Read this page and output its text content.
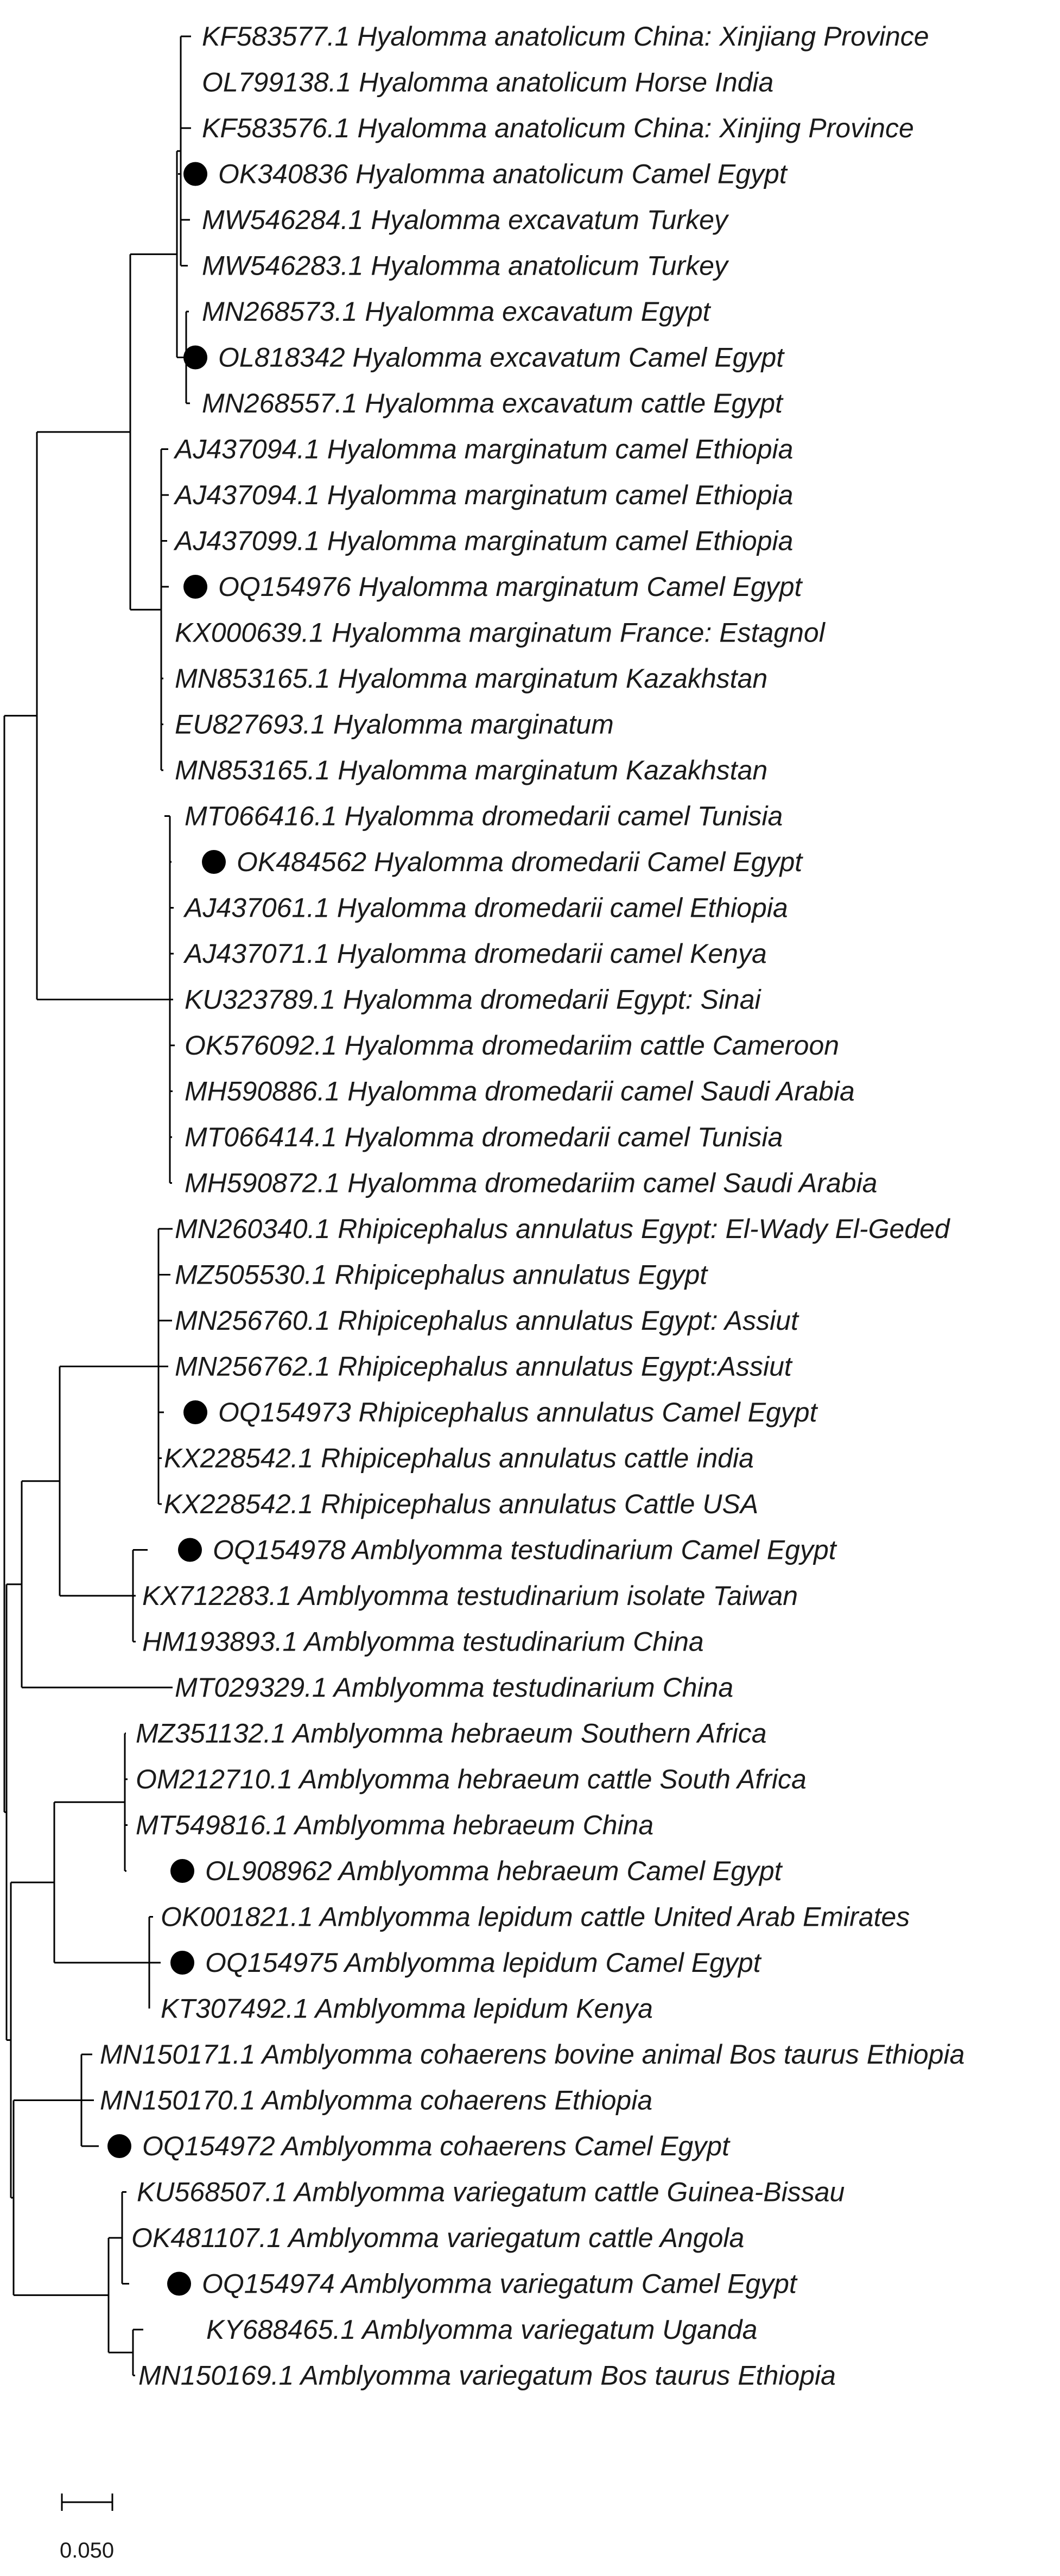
KF583577.1 Hyalomma anatolicum China: Xinjiang Province
OL799138.1 Hyalomma anatolicum Horse India
KF583576.1 Hyalomma anatolicum China: Xinjing Province
OK340836 Hyalomma anatolicum Camel Egypt
MW546284.1 Hyalomma excavatum Turkey
MW546283.1 Hyalomma anatolicum Turkey
MN268573.1 Hyalomma excavatum Egypt
OL818342 Hyalomma excavatum Camel Egypt
MN268557.1 Hyalomma excavatum cattle Egypt
AJ437094.1 Hyalomma marginatum camel Ethiopia
AJ437094.1 Hyalomma marginatum camel Ethiopia
AJ437099.1 Hyalomma marginatum camel Ethiopia
OQ154976 Hyalomma marginatum Camel Egypt
KX000639.1 Hyalomma marginatum France: Estagnol
MN853165.1 Hyalomma marginatum Kazakhstan
EU827693.1 Hyalomma marginatum
MN853165.1 Hyalomma marginatum Kazakhstan
MT066416.1 Hyalomma dromedarii camel Tunisia
OK484562 Hyalomma dromedarii Camel Egypt
AJ437061.1 Hyalomma dromedarii camel Ethiopia
AJ437071.1 Hyalomma dromedarii camel Kenya
KU323789.1 Hyalomma dromedarii Egypt: Sinai
OK576092.1 Hyalomma dromedariim cattle Cameroon
MH590886.1 Hyalomma dromedarii camel Saudi Arabia
MT066414.1 Hyalomma dromedarii camel Tunisia
MH590872.1 Hyalomma dromedariim camel Saudi Arabia
MN260340.1 Rhipicephalus annulatus Egypt: El-Wady El-Geded
MZ505530.1 Rhipicephalus annulatus Egypt
MN256760.1 Rhipicephalus annulatus Egypt: Assiut
MN256762.1 Rhipicephalus annulatus Egypt:Assiut
OQ154973 Rhipicephalus annulatus Camel Egypt
KX228542.1 Rhipicephalus annulatus cattle india
KX228542.1 Rhipicephalus annulatus Cattle USA
OQ154978 Amblyomma testudinarium Camel Egypt
KX712283.1 Amblyomma testudinarium isolate Taiwan
HM193893.1 Amblyomma testudinarium China
MT029329.1 Amblyomma testudinarium China
MZ351132.1 Amblyomma hebraeum Southern Africa
OM212710.1 Amblyomma hebraeum cattle South Africa
MT549816.1 Amblyomma hebraeum China
OL908962 Amblyomma hebraeum Camel Egypt
OK001821.1 Amblyomma lepidum cattle United Arab Emirates
OQ154975 Amblyomma lepidum Camel Egypt
KT307492.1 Amblyomma lepidum Kenya
MN150171.1 Amblyomma cohaerens bovine animal Bos taurus Ethiopia
MN150170.1 Amblyomma cohaerens Ethiopia
OQ154972 Amblyomma cohaerens Camel Egypt
KU568507.1 Amblyomma variegatum cattle Guinea-Bissau
OK481107.1 Amblyomma variegatum cattle Angola
OQ154974 Amblyomma variegatum Camel Egypt
KY688465.1 Amblyomma variegatum Uganda
MN150169.1 Amblyomma variegatum Bos taurus Ethiopia
0.050
